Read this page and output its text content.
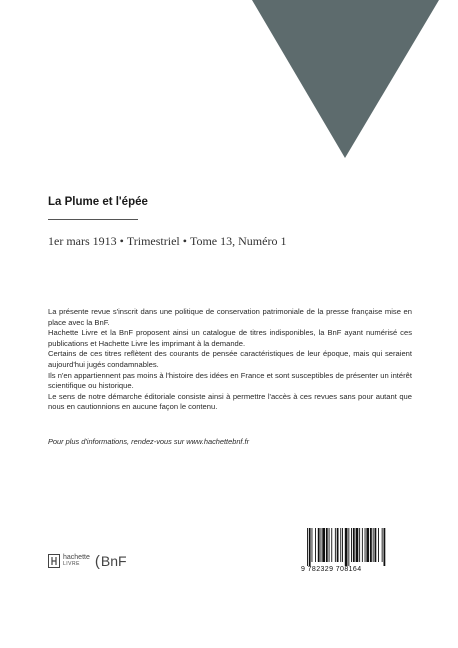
La Plume et l'épée
1er mars 1913 • Trimestriel • Tome 13, Numéro 1

La présente revue s'inscrit dans une politique de conservation patrimoniale de la presse française mise en place avec la BnF.

Hachette Livre et la BnF proposent ainsi un catalogue de titres indisponibles, la BnF ayant numérisé ces publications et Hachette Livre les imprimant à la demande.

Certains de ces titres reflètent des courants de pensée caractéristiques de leur époque, mais qui seraient aujourd'hui jugés condamnables.

Ils n'en appartiennent pas moins à l'histoire des idées en France et sont susceptibles de présenter un intérêt scientifique ou historique.

Le sens de notre démarche éditoriale consiste ainsi à permettre l'accès à ces revues sans pour autant que nous en cautionnions en aucune façon le contenu.

Pour plus d'informations, rendez-vous sur www.hachettebnf.fr
hachette
LIVRE ( BnF
9 782329 708164
